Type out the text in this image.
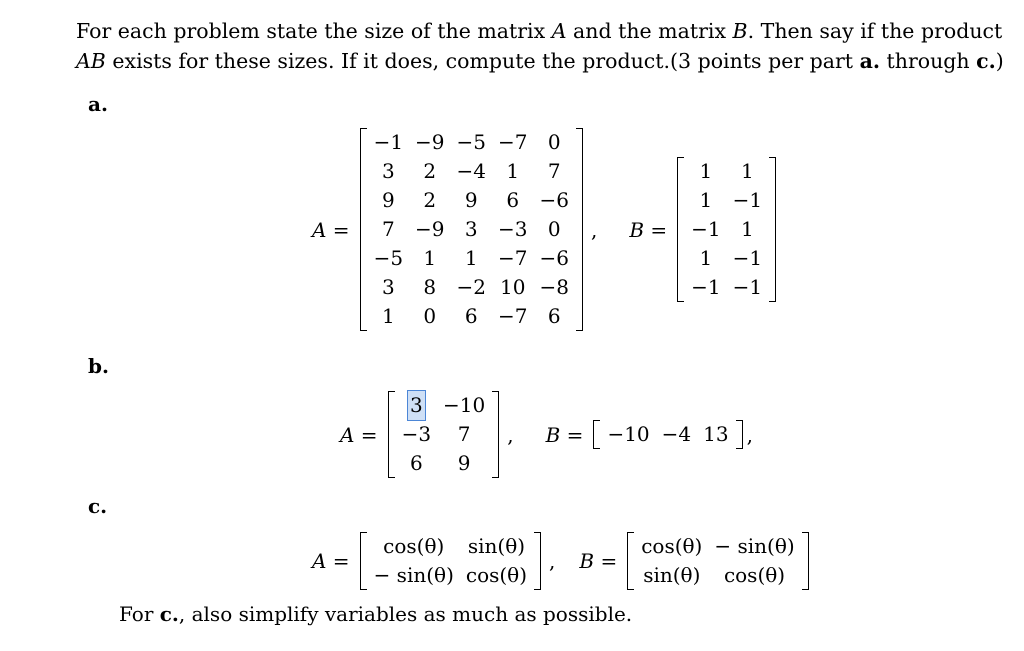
For each problem state the size of the matrix A and the matrix B. Then say if the product
AB exists for these sizes. If it does, compute the product.(3 points per part a. through c.)
a.
A =
−1	−9	−5	−7	0
3	2	−4	1	7
9	2	9	6	−6
7	−9	3	−3	0
−5	1	1	−7	−6
3	8	−2	10	−8
1	0	6	−7	6
, B =
1	1
1	−1
−1	1
1	−1
−1	−1
b.
A =
3	−10
−3	7
6	9
, B = −10	−4	13 ,
c.
A =
cos(θ)	sin(θ)
− sin(θ)	cos(θ)
, B =
cos(θ)	− sin(θ)
sin(θ)	cos(θ)
For c., also simplify variables as much as possible.
